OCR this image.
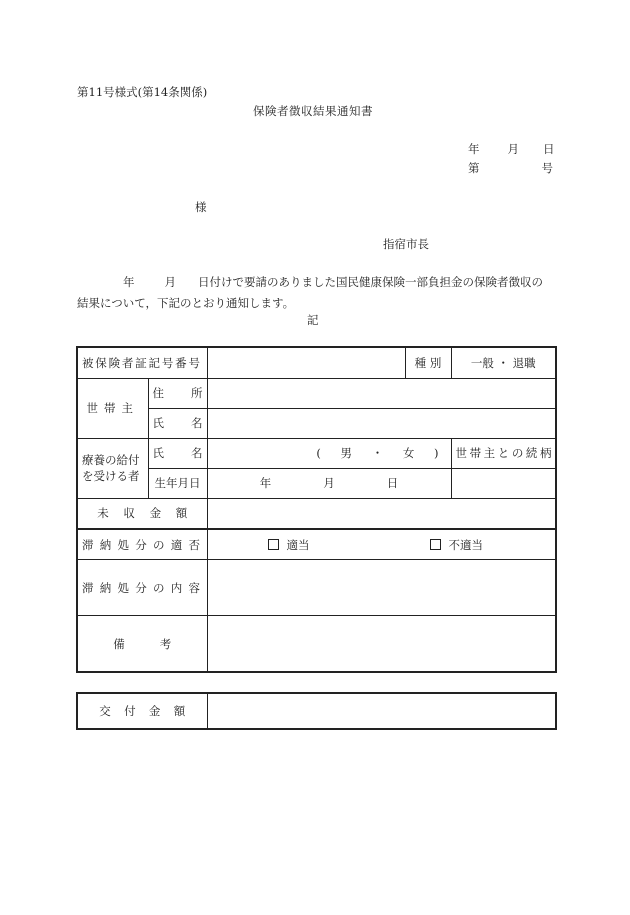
第11号様式(第14条関係)
保険者徴収結果通知書
年 月 日
第	号
様
指宿市長
年	月 日付けで要請のありました国民健康保険一部負担金の保険者徴収の
結果について，下記のとおり通知します。
記
被保険者証記号番号			種 別	一般 ・ 退職
世帯主	住所			

	氏名			

療養の給付
を受ける者	氏名	( 男 ・ 女 )		世帯主との続柄

	生年月日	年 月 日		
未収金額				

滞納処分の適否		適当 不適当		

滞納処分の内容				

備考				
交付金額	
